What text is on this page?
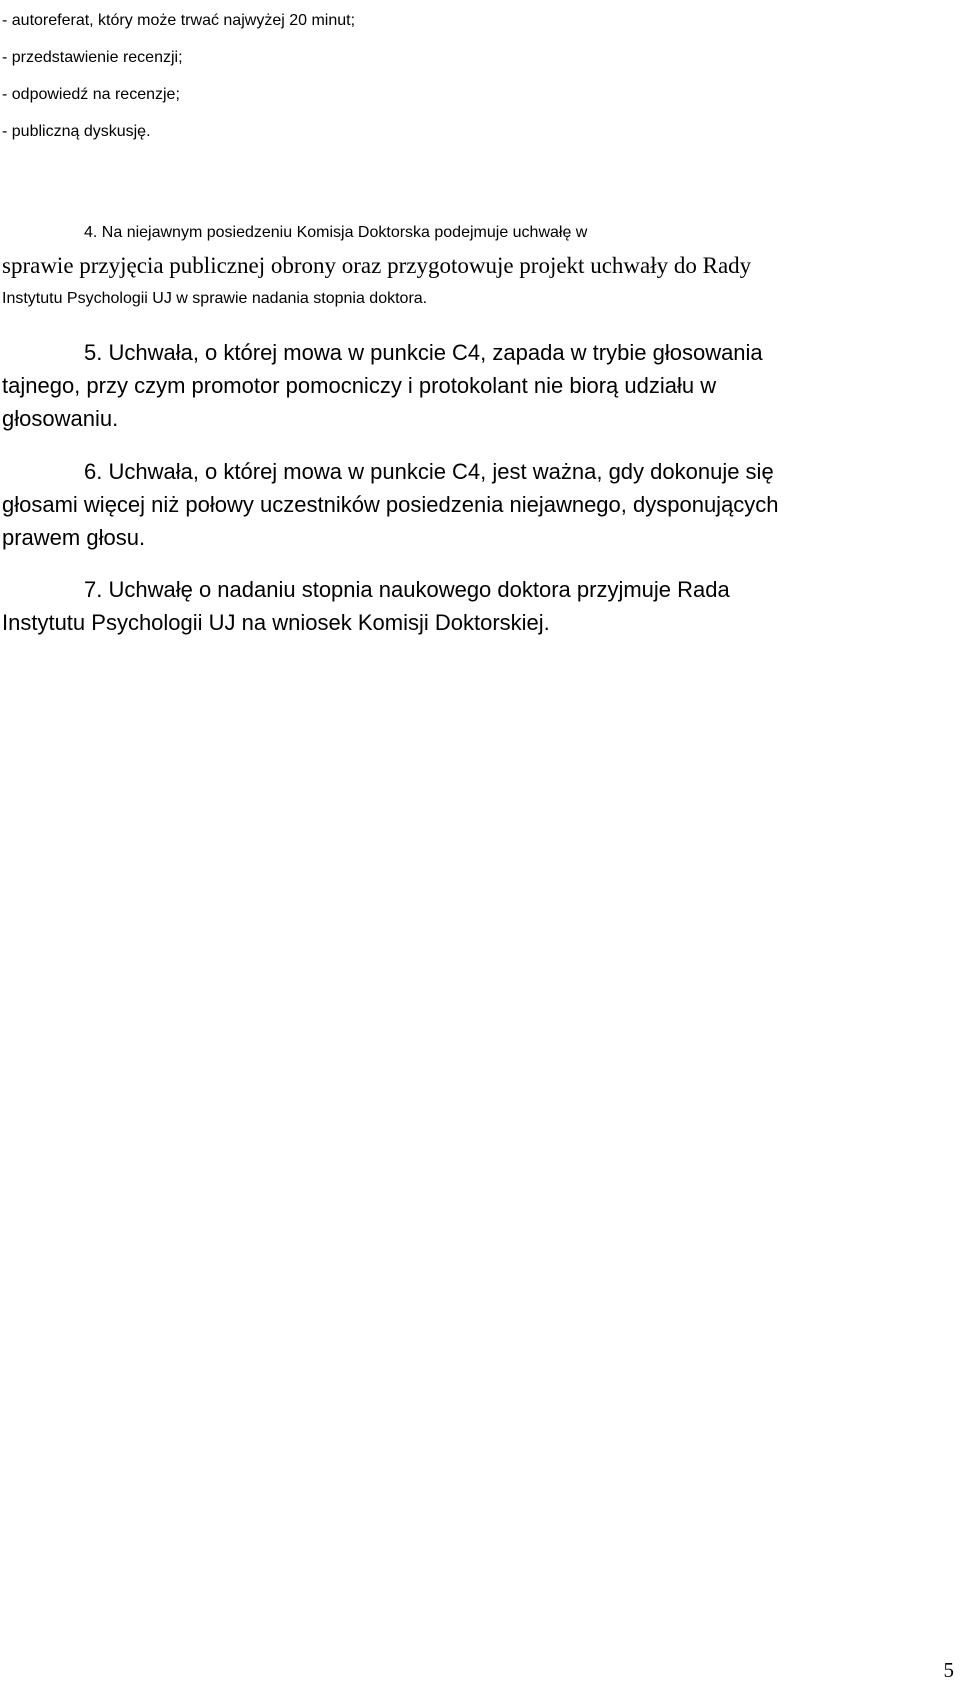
- autoreferat, który może trwać najwyżej 20 minut;
- przedstawienie recenzji;
- odpowiedź na recenzje;
- publiczną dyskusję.
4. Na niejawnym posiedzeniu Komisja Doktorska podejmuje uchwałę w
sprawie przyjęcia publicznej obrony oraz przygotowuje projekt uchwały do Rady
Instytutu Psychologii UJ w sprawie nadania stopnia doktora.
5. Uchwała, o której mowa w punkcie C4, zapada w trybie głosowania
tajnego, przy czym promotor pomocniczy i protokolant nie biorą udziału w
głosowaniu.
6. Uchwała, o której mowa w punkcie C4, jest ważna, gdy dokonuje się
głosami więcej niż połowy uczestników posiedzenia niejawnego, dysponujących
prawem głosu.
7. Uchwałę o nadaniu stopnia naukowego doktora przyjmuje Rada
Instytutu Psychologii UJ na wniosek Komisji Doktorskiej.
5
